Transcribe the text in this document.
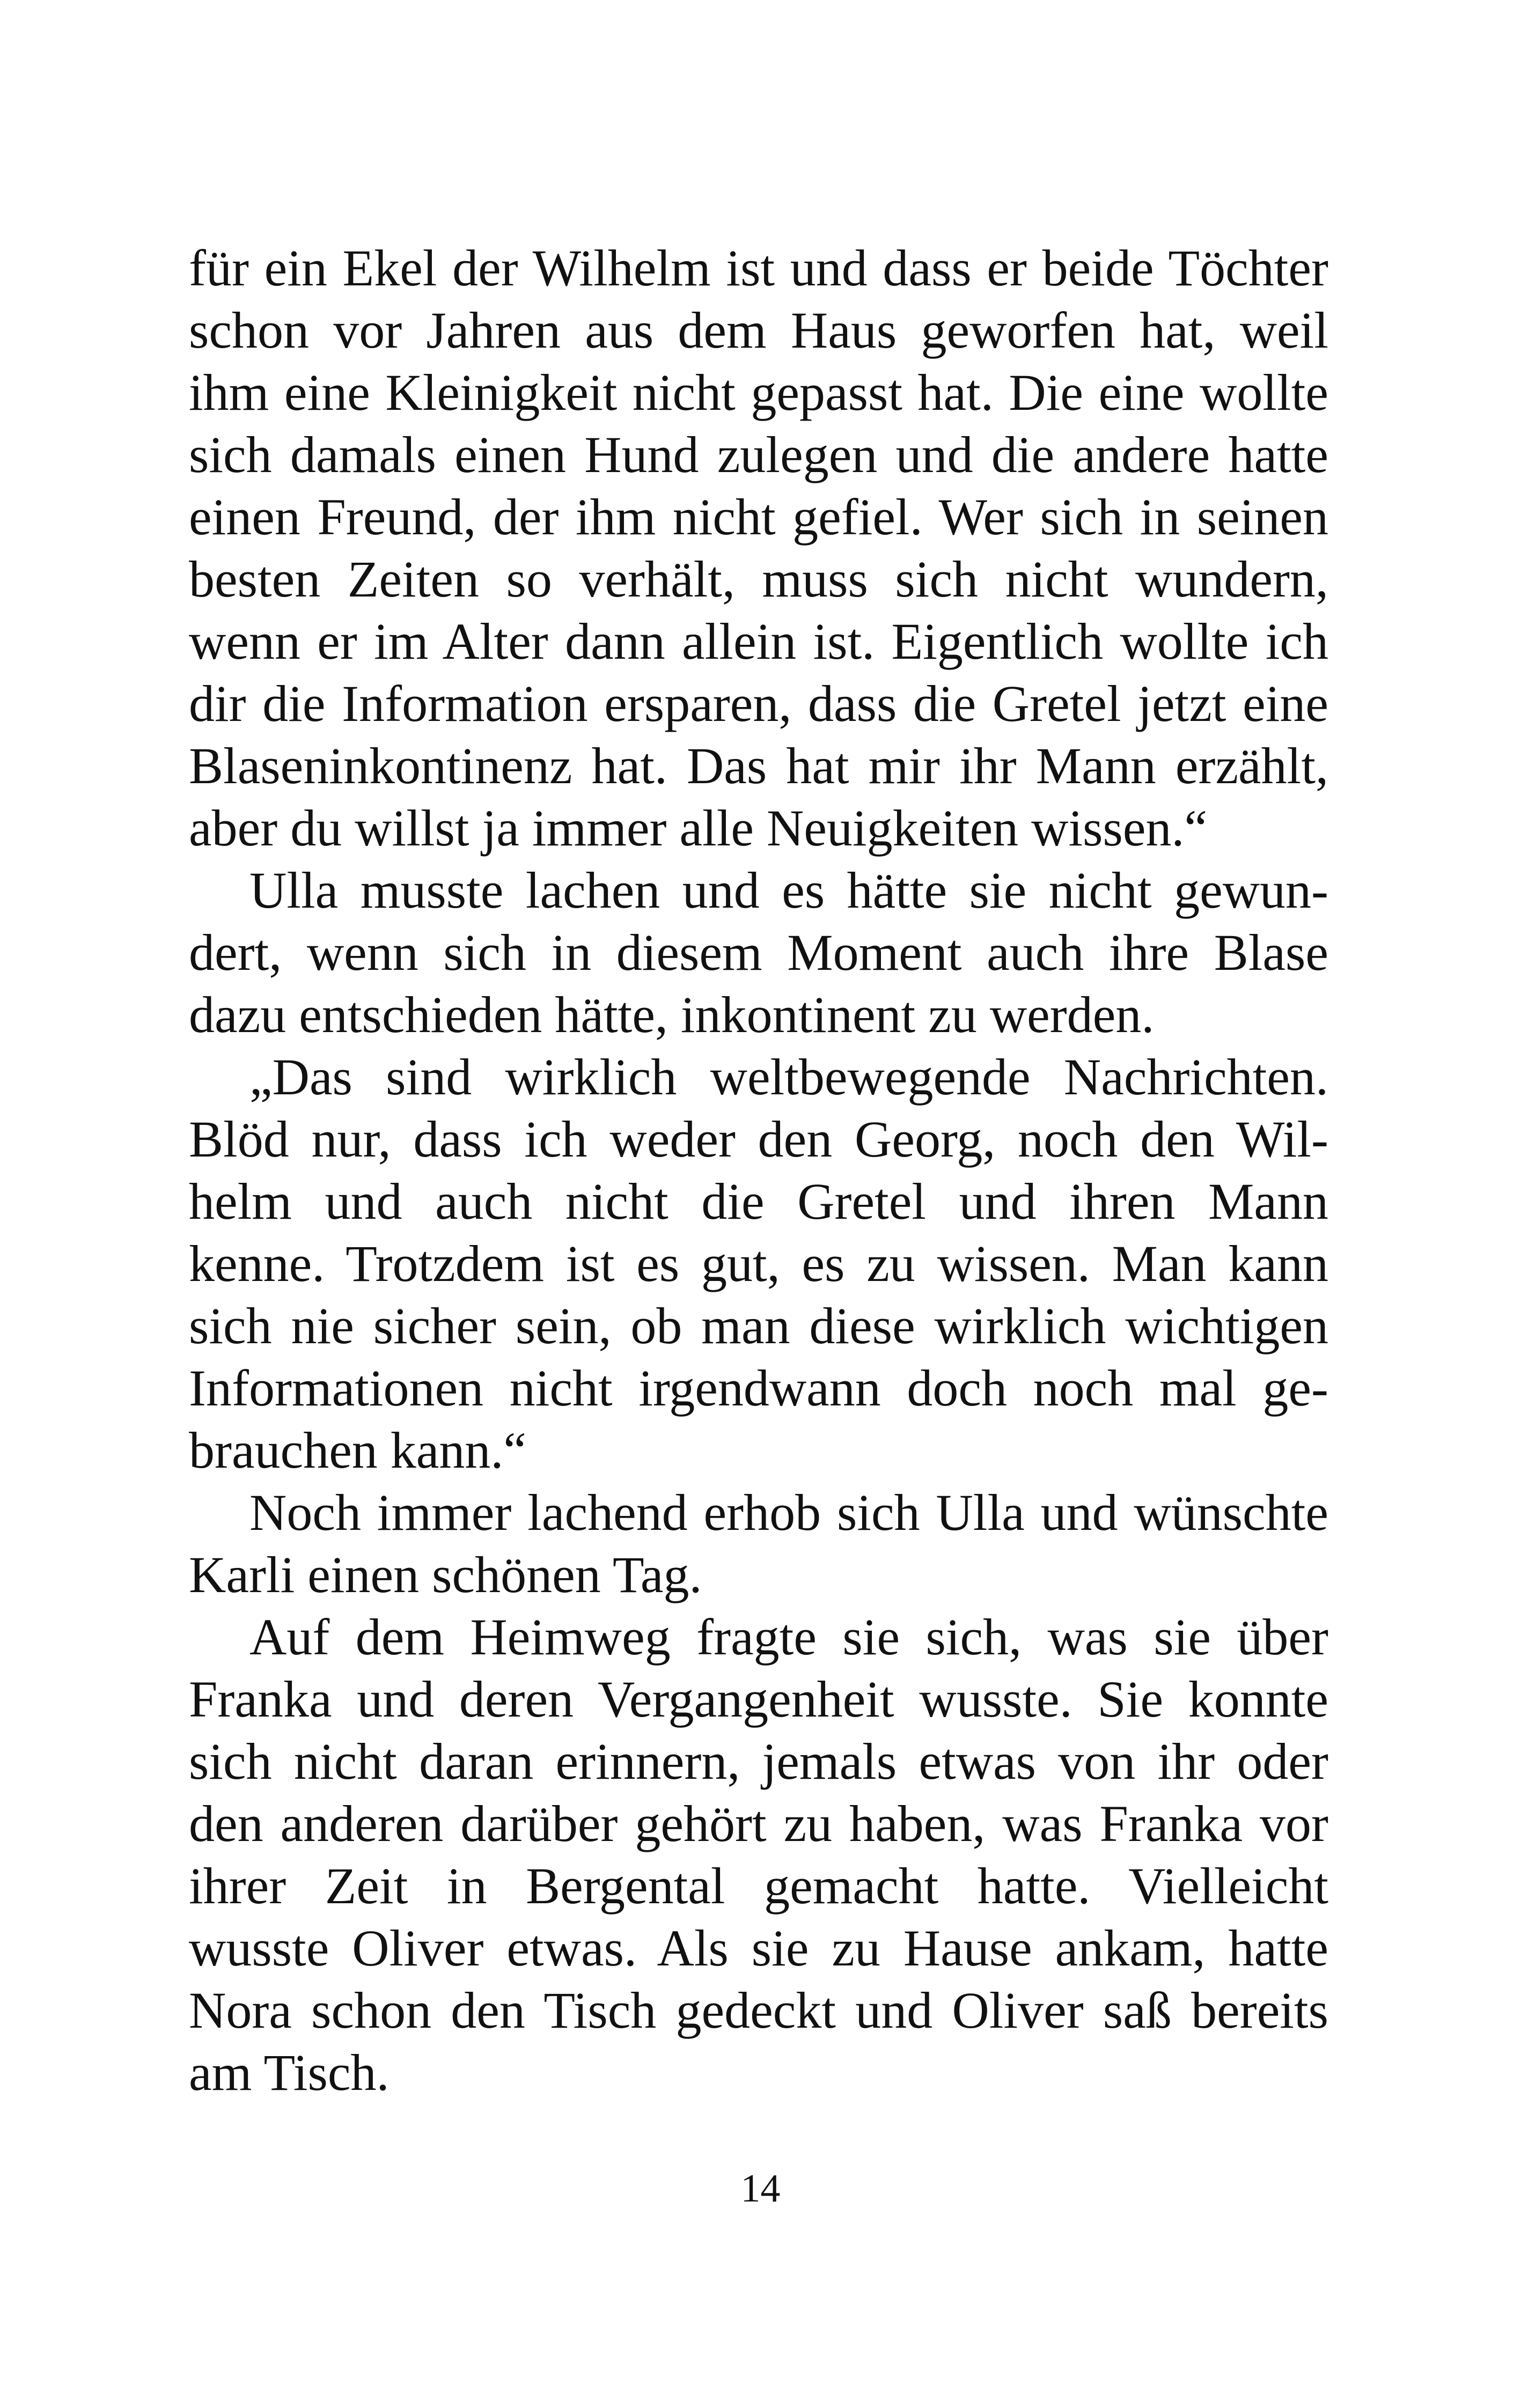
für ein Ekel der Wilhelm ist und dass er beide Töchter
schon vor Jahren aus dem Haus geworfen hat, weil
ihm eine Kleinigkeit nicht gepasst hat. Die eine wollte
sich damals einen Hund zulegen und die andere hatte
einen Freund, der ihm nicht gefiel. Wer sich in seinen
besten Zeiten so verhält, muss sich nicht wundern,
wenn er im Alter dann allein ist. Eigentlich wollte ich
dir die Information ersparen, dass die Gretel jetzt eine
Blaseninkontinenz hat. Das hat mir ihr Mann erzählt,
aber du willst ja immer alle Neuigkeiten wissen.“
Ulla musste lachen und es hätte sie nicht gewun-
dert, wenn sich in diesem Moment auch ihre Blase
dazu entschieden hätte, inkontinent zu werden.
„Das sind wirklich weltbewegende Nachrichten.
Blöd nur, dass ich weder den Georg, noch den Wil-
helm und auch nicht die Gretel und ihren Mann
kenne. Trotzdem ist es gut, es zu wissen. Man kann
sich nie sicher sein, ob man diese wirklich wichtigen
Informationen nicht irgendwann doch noch mal ge-
brauchen kann.“
Noch immer lachend erhob sich Ulla und wünschte
Karli einen schönen Tag.
Auf dem Heimweg fragte sie sich, was sie über
Franka und deren Vergangenheit wusste. Sie konnte
sich nicht daran erinnern, jemals etwas von ihr oder
den anderen darüber gehört zu haben, was Franka vor
ihrer Zeit in Bergental gemacht hatte. Vielleicht
wusste Oliver etwas. Als sie zu Hause ankam, hatte
Nora schon den Tisch gedeckt und Oliver saß bereits
am Tisch.
14
